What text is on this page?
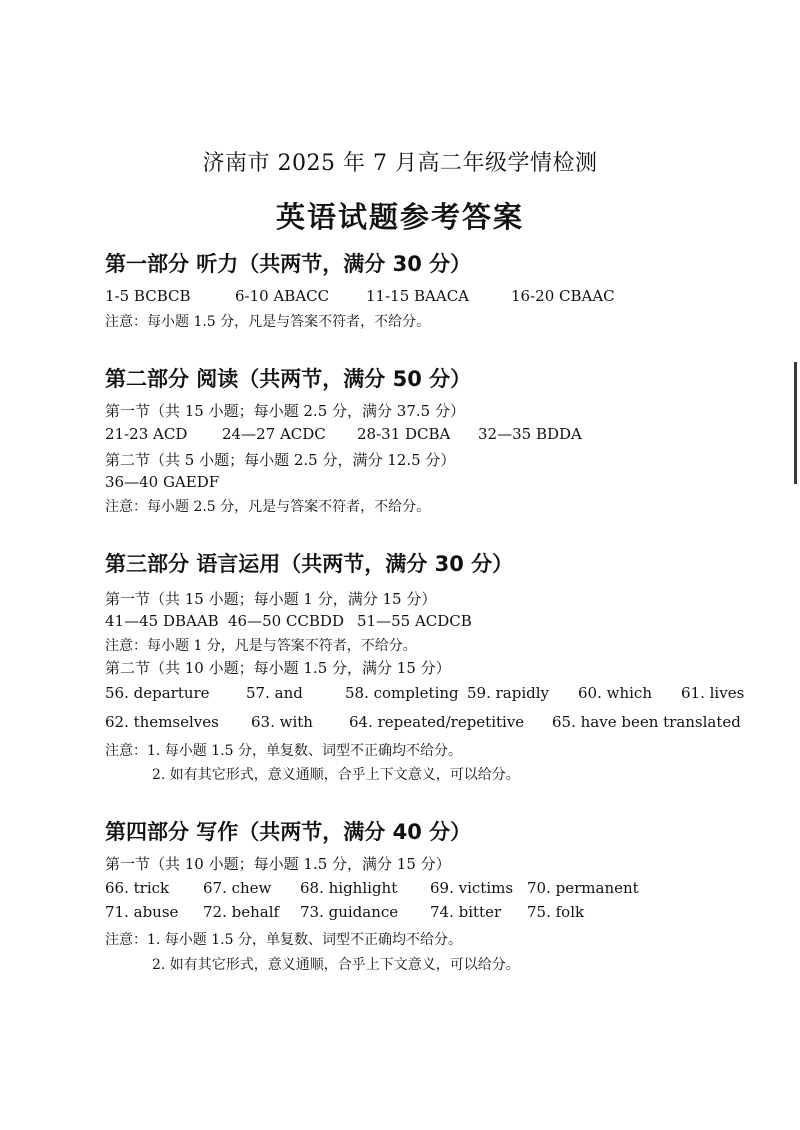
济南市 2025 年 7 月高二年级学情检测
英语试题参考答案
第一部分 听力（共两节，满分 30 分）
1-5 BCBCB	6-10 ABACC 11-15 BAACA	16-20 CBAAC
注意：每小题 1.5 分，凡是与答案不符者，不给分。
第二部分 阅读（共两节，满分 50 分）
第一节（共 15 小题；每小题 2.5 分，满分 37.5 分）
21-23 ACD 24—27 ACDC 28-31 DCBA 32—35 BDDA
第二节（共 5 小题；每小题 2.5 分，满分 12.5 分）
36—40 GAEDF
注意：每小题 2.5 分，凡是与答案不符者，不给分。
第三部分 语言运用（共两节，满分 30 分）
第一节（共 15 小题；每小题 1 分，满分 15 分）
41—45 DBAAB 46—50 CCBDD 51—55 ACDCB
注意：每小题 1 分，凡是与答案不符者，不给分。
第二节（共 10 小题；每小题 1.5 分，满分 15 分）
56. departure 57. and	58. completing 59. rapidly 60. which 61. lives
62. themselves 63. with 64. repeated/repetitive 65. have been translated
注意：1. 每小题 1.5 分，单复数、词型不正确均不给分。
2. 如有其它形式，意义通顺，合乎上下文意义，可以给分。
第四部分 写作（共两节，满分 40 分）
第一节（共 10 小题；每小题 1.5 分，满分 15 分）
66. trick 67. chew 68. highlight 69. victims 70. permanent
71. abuse 72. behalf 73. guidance 74. bitter 75. folk
注意：1. 每小题 1.5 分，单复数、词型不正确均不给分。
2. 如有其它形式，意义通顺，合乎上下文意义，可以给分。
